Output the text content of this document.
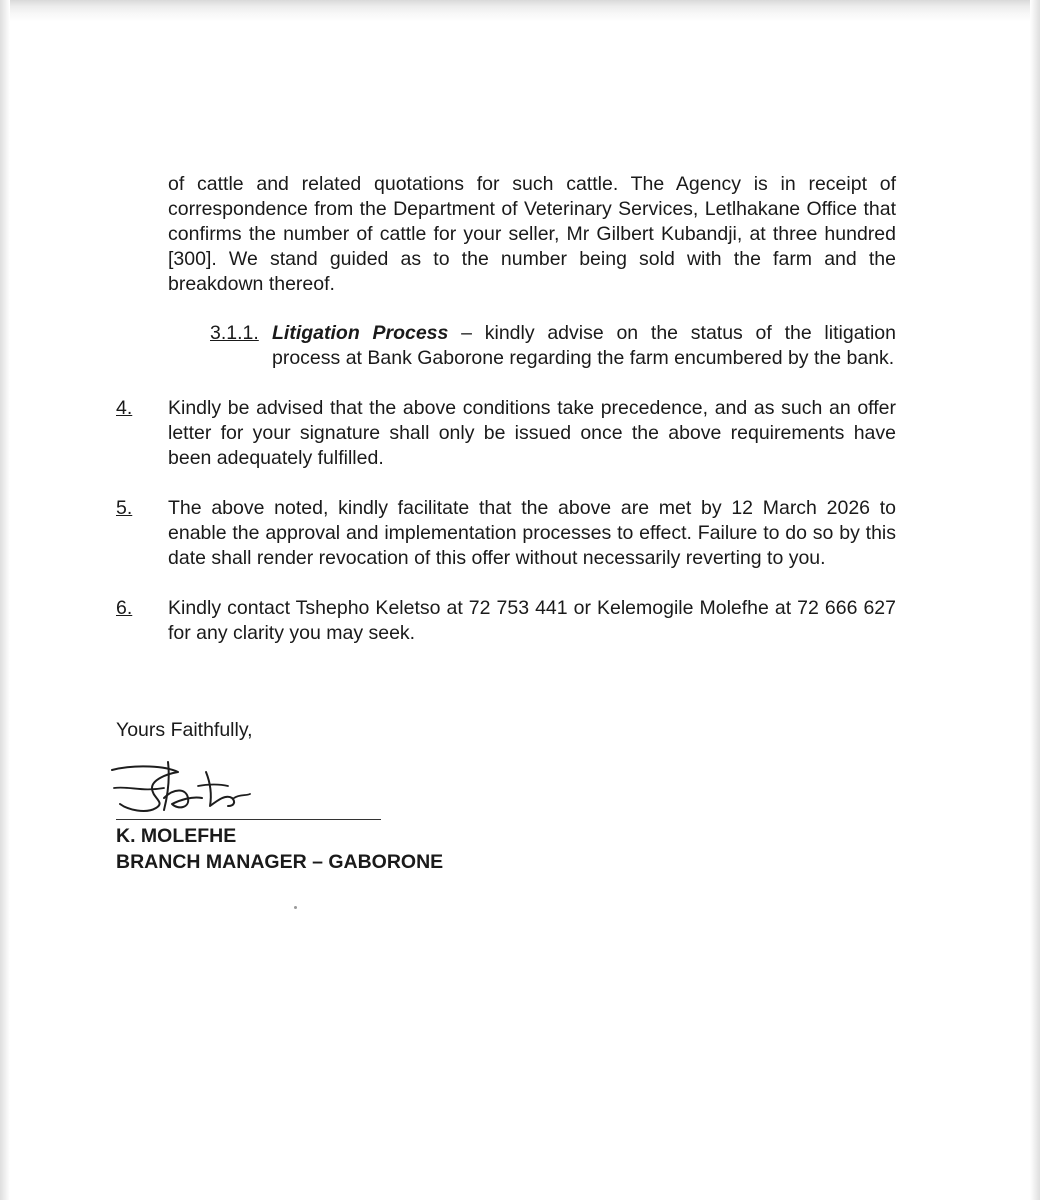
of cattle and related quotations for such cattle. The Agency is in receipt of correspondence from the Department of Veterinary Services, Letlhakane Office that confirms the number of cattle for your seller, Mr Gilbert Kubandji, at three hundred [300]. We stand guided as to the number being sold with the farm and the breakdown thereof.
3.1.1. Litigation Process – kindly advise on the status of the litigation process at Bank Gaborone regarding the farm encumbered by the bank.
4.	Kindly be advised that the above conditions take precedence, and as such an offer letter for your signature shall only be issued once the above requirements have been adequately fulfilled.
5.	The above noted, kindly facilitate that the above are met by 12 March 2026 to enable the approval and implementation processes to effect. Failure to do so by this date shall render revocation of this offer without necessarily reverting to you.
6.	Kindly contact Tshepho Keletso at 72 753 441 or Kelemogile Molefhe at 72 666 627 for any clarity you may seek.
Yours Faithfully,
K. MOLEFHE
BRANCH MANAGER – GABORONE
